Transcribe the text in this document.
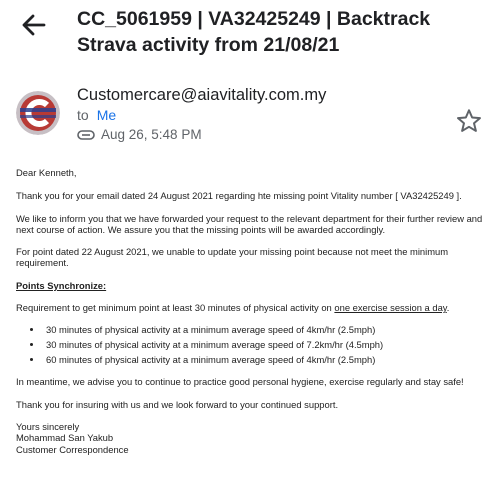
CC_5061959 | VA32425249 | Backtrack Strava activity from 21/08/21
Customercare@aiavitality.com.my
to Me
Aug 26, 5:48 PM

Dear Kenneth,

Thank you for your email dated 24 August 2021 regarding hte missing point Vitality number [ VA32425249 ].

We like to inform you that we have forwarded your request to the relevant department for their further review and next course of action. We assure you that the missing points will be awarded accordingly.

For point dated 22 August 2021, we unable to update your missing point because not meet the minimum requirement.

Points Synchronize:

Requirement to get minimum point at least 30 minutes of physical activity on one exercise session a day.

• 30 minutes of physical activity at a minimum average speed of 4km/hr (2.5mph)
• 30 minutes of physical activity at a minimum average speed of 7.2km/hr (4.5mph)
• 60 minutes of physical activity at a minimum average speed of 4km/hr (2.5mph)

In meantime, we advise you to continue to practice good personal hygiene, exercise regularly and stay safe!

Thank you for insuring with us and we look forward to your continued support.

Yours sincerely

Mohammad San Yakub

Customer Correspondence
